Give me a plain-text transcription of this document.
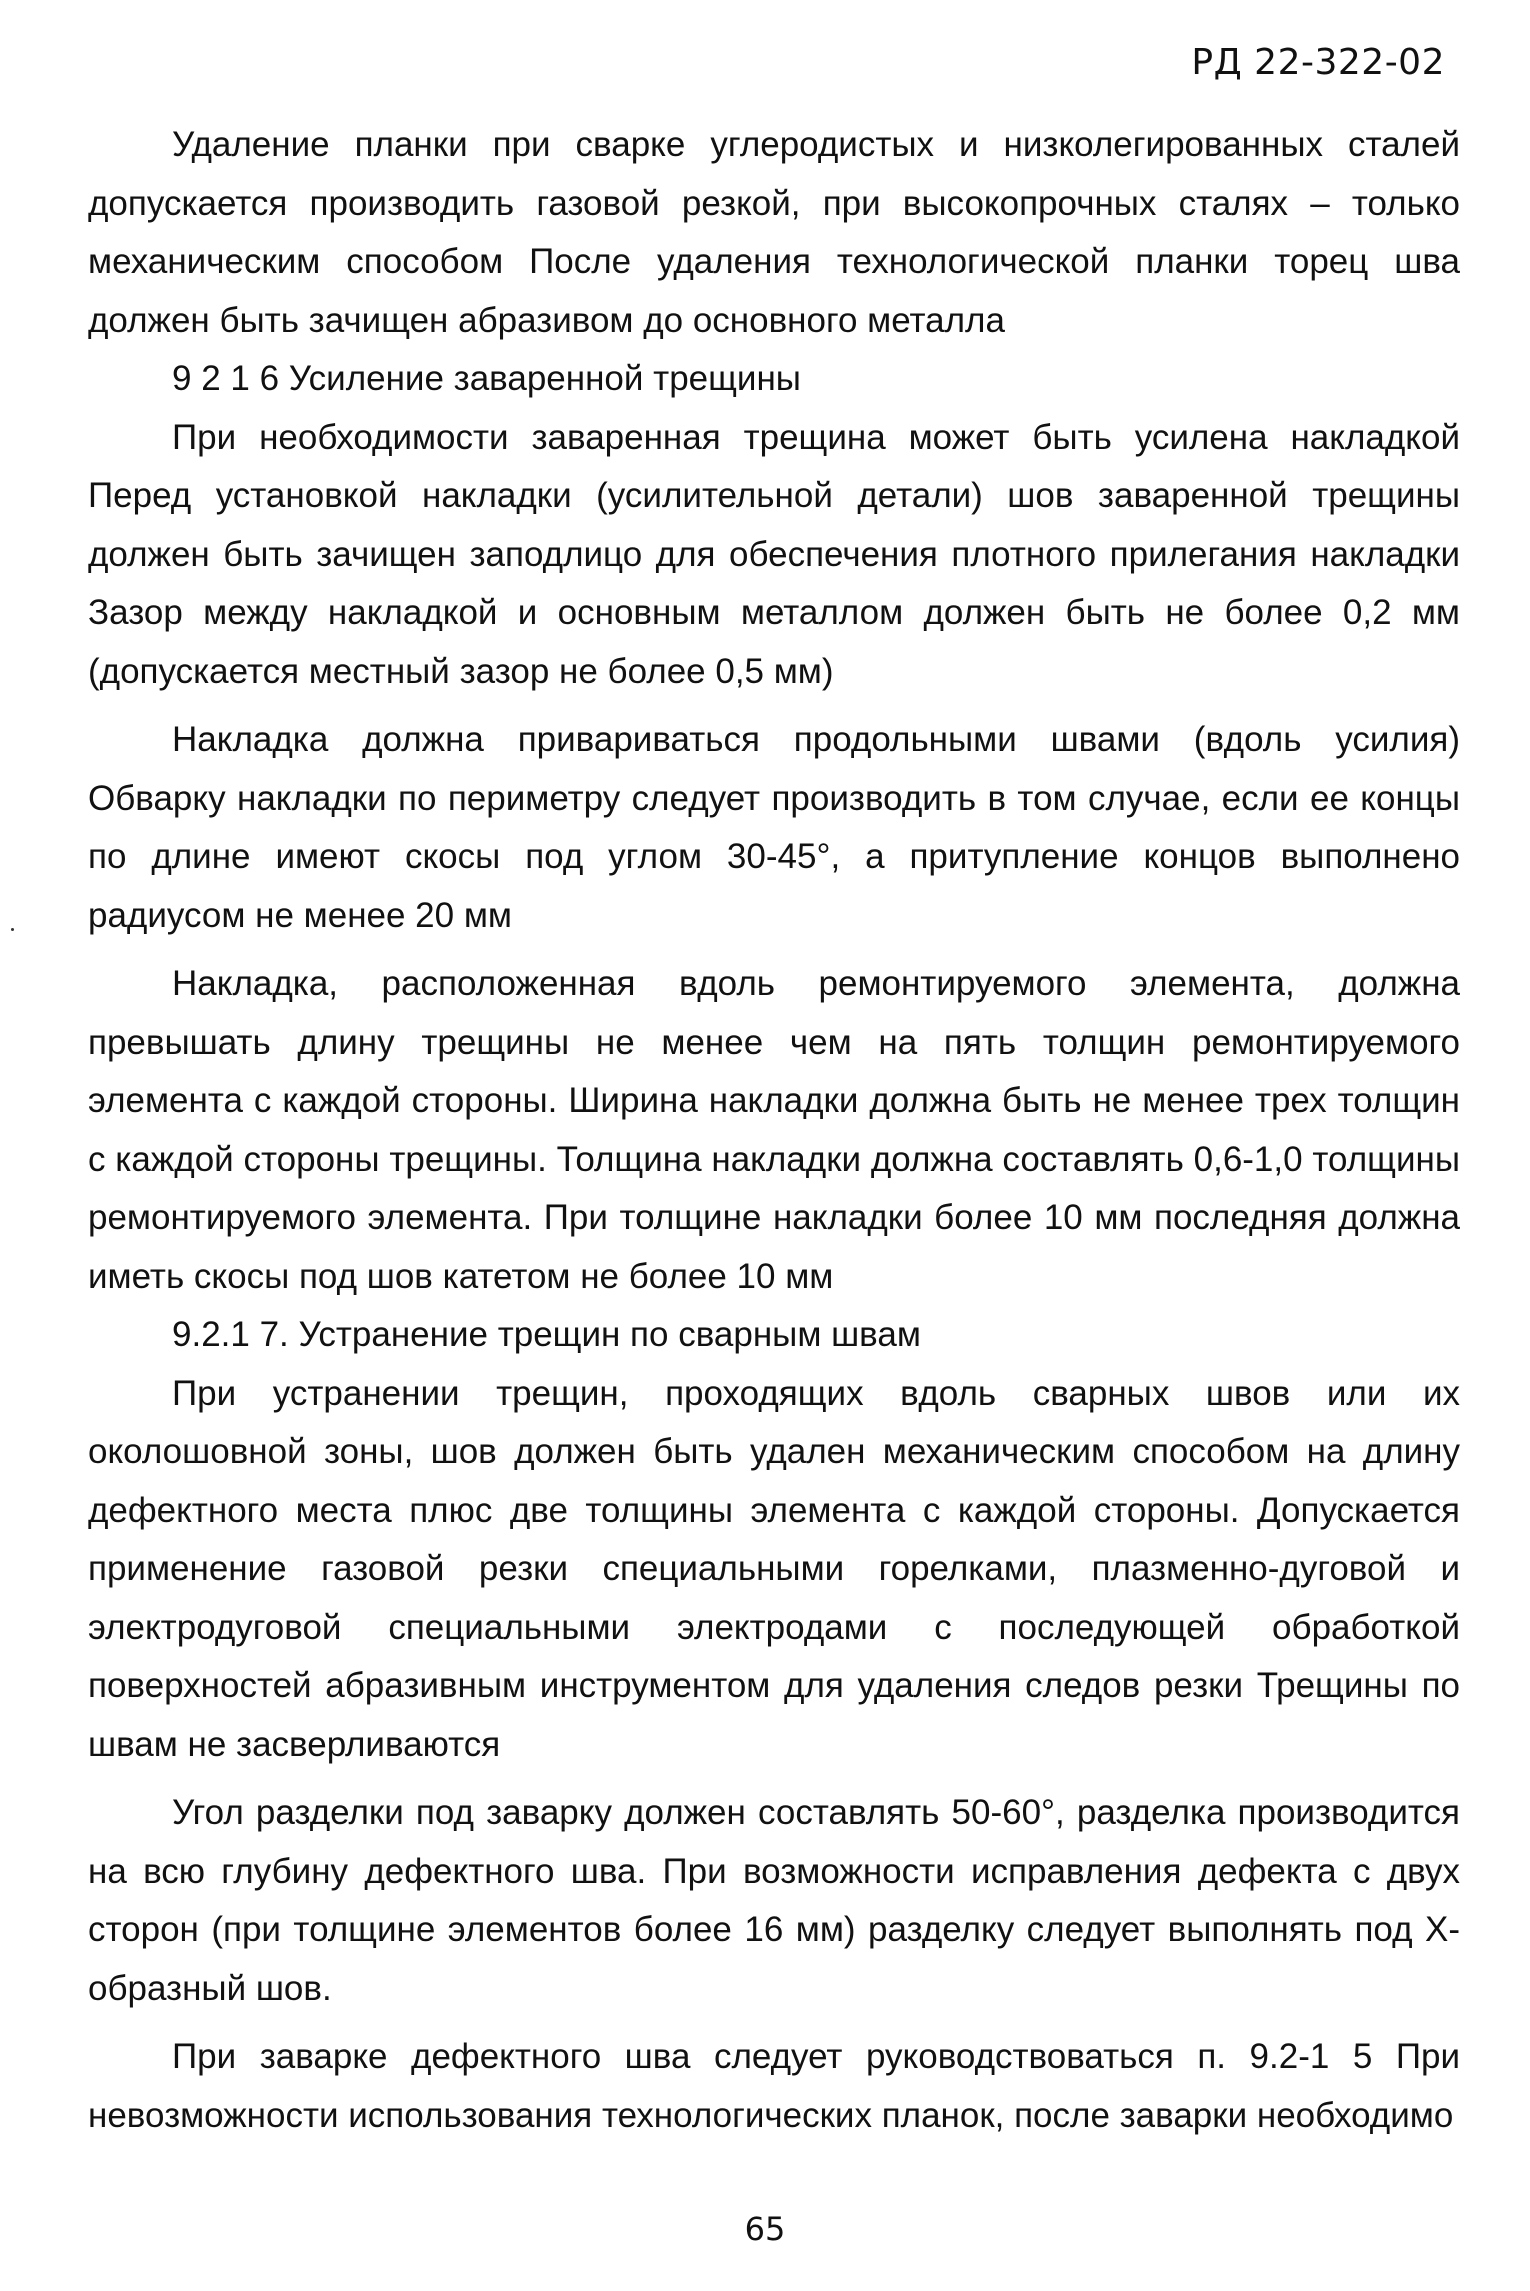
РД 22-322-02

Удаление планки при сварке углеродистых и низколегированных сталей допускается производить газовой резкой, при высокопрочных сталях – только механическим способом После удаления технологической планки торец шва должен быть зачищен абразивом до основного металла

9 2 1 6 Усиление заваренной трещины

При необходимости заваренная трещина может быть усилена накладкой Перед установкой накладки (усилительной детали) шов заваренной трещины должен быть зачищен заподлицо для обеспечения плотного прилегания накладки Зазор между накладкой и основным металлом должен быть не более 0,2 мм (допускается местный зазор не более 0,5 мм)

Накладка должна привариваться продольными швами (вдоль усилия) Обварку накладки по периметру следует производить в том случае, если ее концы по длине имеют скосы под углом 30-45°, а притупление концов выполнено радиусом не менее 20 мм

Накладка, расположенная вдоль ремонтируемого элемента, должна превышать длину трещины не менее чем на пять толщин ремонтируемого элемента с каждой стороны. Ширина накладки должна быть не менее трех толщин с каждой стороны трещины. Толщина накладки должна составлять 0,6-1,0 толщины ремонтируемого элемента. При толщине накладки более 10 мм последняя должна иметь скосы под шов катетом не более 10 мм

9.2.1 7. Устранение трещин по сварным швам

При устранении трещин, проходящих вдоль сварных швов или их околошовной зоны, шов должен быть удален механическим способом на длину дефектного места плюс две толщины элемента с каждой стороны. Допускается применение газовой резки специальными горелками, плазменно-дуговой и электродуговой специальными электродами с последующей обработкой поверхностей абразивным инструментом для удаления следов резки Трещины по швам не засверливаются

Угол разделки под заварку должен составлять 50-60°, разделка производится на всю глубину дефектного шва. При возможности исправления дефекта с двух сторон (при толщине элементов более 16 мм) разделку следует выполнять под Х-образный шов.

При заварке дефектного шва следует руководствоваться п. 9.2-1 5 При невозможности использования технологических планок, после заварки необходимо

65
